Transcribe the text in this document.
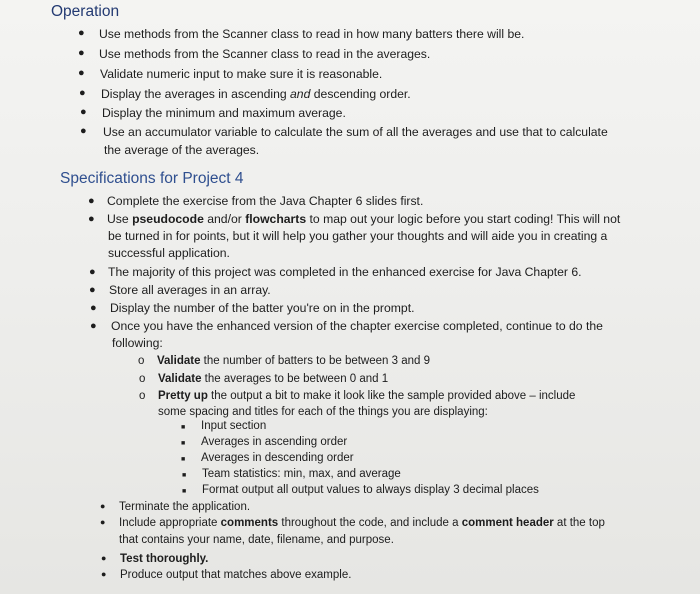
Operation
● Use methods from the Scanner class to read in how many batters there will be.
● Use methods from the Scanner class to read in the averages.
● Validate numeric input to make sure it is reasonable.
● Display the averages in ascending and descending order.
● Display the minimum and maximum average.
● Use an accumulator variable to calculate the sum of all the averages and use that to calculate
the average of the averages.
Specifications for Project 4
● Complete the exercise from the Java Chapter 6 slides first.
● Use pseudocode and/or flowcharts to map out your logic before you start coding! This will not
be turned in for points, but it will help you gather your thoughts and will aide you in creating a
successful application.
● The majority of this project was completed in the enhanced exercise for Java Chapter 6.
● Store all averages in an array.
● Display the number of the batter you're on in the prompt.
● Once you have the enhanced version of the chapter exercise completed, continue to do the
following:
o Validate the number of batters to be between 3 and 9
o Validate the averages to be between 0 and 1
o Pretty up the output a bit to make it look like the sample provided above – include
some spacing and titles for each of the things you are displaying:
■ Input section
■ Averages in ascending order
■ Averages in descending order
■ Team statistics: min, max, and average
■ Format output all output values to always display 3 decimal places
● Terminate the application.
● Include appropriate comments throughout the code, and include a comment header at the top
that contains your name, date, filename, and purpose.
● Test thoroughly.
● Produce output that matches above example.
